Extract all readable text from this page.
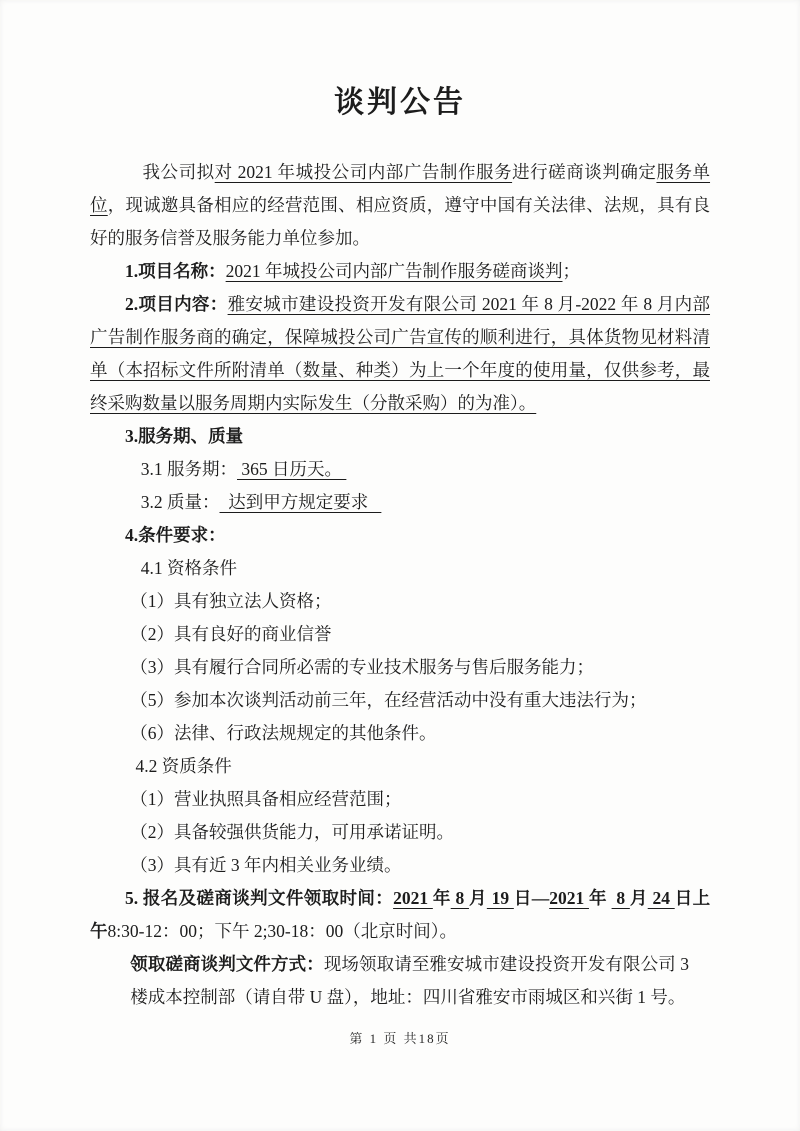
谈判公告

我公司拟对 2021 年城投公司内部广告制作服务进行磋商谈判确定服务单位，现诚邀具备相应的经营范围、相应资质，遵守中国有关法律、法规，具有良好的服务信誉及服务能力单位参加。

1.项目名称：2021 年城投公司内部广告制作服务磋商谈判；

2.项目内容：雅安城市建设投资开发有限公司 2021 年 8 月-2022 年 8 月内部广告制作服务商的确定，保障城投公司广告宣传的顺利进行，具体货物见材料清单（本招标文件所附清单（数量、种类）为上一个年度的使用量，仅供参考，最终采购数量以服务周期内实际发生（分散采购）的为准）。

3.服务期、质量

3.1 服务期： 365 日历天。

3.2 质量：  达到甲方规定要求

4.条件要求：

4.1 资格条件

（1）具有独立法人资格；

（2）具有良好的商业信誉

（3）具有履行合同所必需的专业技术服务与售后服务能力；

（5）参加本次谈判活动前三年，在经营活动中没有重大违法行为；

（6）法律、行政法规规定的其他条件。

4.2 资质条件

（1）营业执照具备相应经营范围；

（2）具备较强供货能力，可用承诺证明。

（3）具有近 3 年内相关业务业绩。

5. 报名及磋商谈判文件领取时间：2021 年 8 月 19 日—2021 年  8 月 24 日上午8:30-12：00；下午 2;30-18：00（北京时间）。

领取磋商谈判文件方式：现场领取请至雅安城市建设投资开发有限公司 3 楼成本控制部（请自带 U 盘），地址：四川省雅安市雨城区和兴街 1 号。

第 1 页 共18页
